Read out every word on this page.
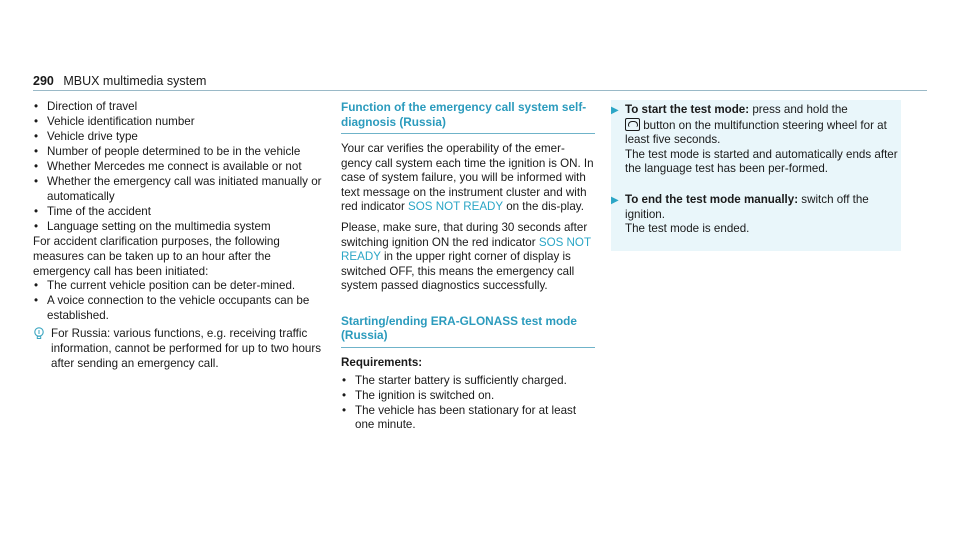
290 MBUX multimedia system
• Direction of travel
• Vehicle identification number
• Vehicle drive type
• Number of people determined to be in the vehicle
• Whether Mercedes me connect is available or not
• Whether the emergency call was initiated manually or automatically
• Time of the accident
• Language setting on the multimedia system

For accident clarification purposes, the following measures can be taken up to an hour after the emergency call has been initiated:

• The current vehicle position can be deter-mined.
• A voice connection to the vehicle occupants can be established.
For Russia: various functions, e.g. receiving traffic information, cannot be performed for up to two hours after sending an emergency call.
Function of the emergency call system self-diagnosis (Russia)

Your car verifies the operability of the emer-gency call system each time the ignition is ON. In case of system failure, you will be informed with text message on the instrument cluster and with red indicator SOS NOT READY on the dis-play.

Please, make sure, that during 30 seconds after switching ignition ON the red indicator SOS NOT READY in the upper right corner of display is switched OFF, this means the emergency call system passed diagnostics successfully.

Starting/ending ERA-GLONASS test mode (Russia)
Requirements:
• The starter battery is sufficiently charged.
• The ignition is switched on.
• The vehicle has been stationary for at least one minute.
▶ To start the test mode: press and hold the
button on the multifunction steering wheel for at least five seconds.
The test mode is started and automatically ends after the language test has been per-formed.
▶ To end the test mode manually: switch off the ignition.
The test mode is ended.
